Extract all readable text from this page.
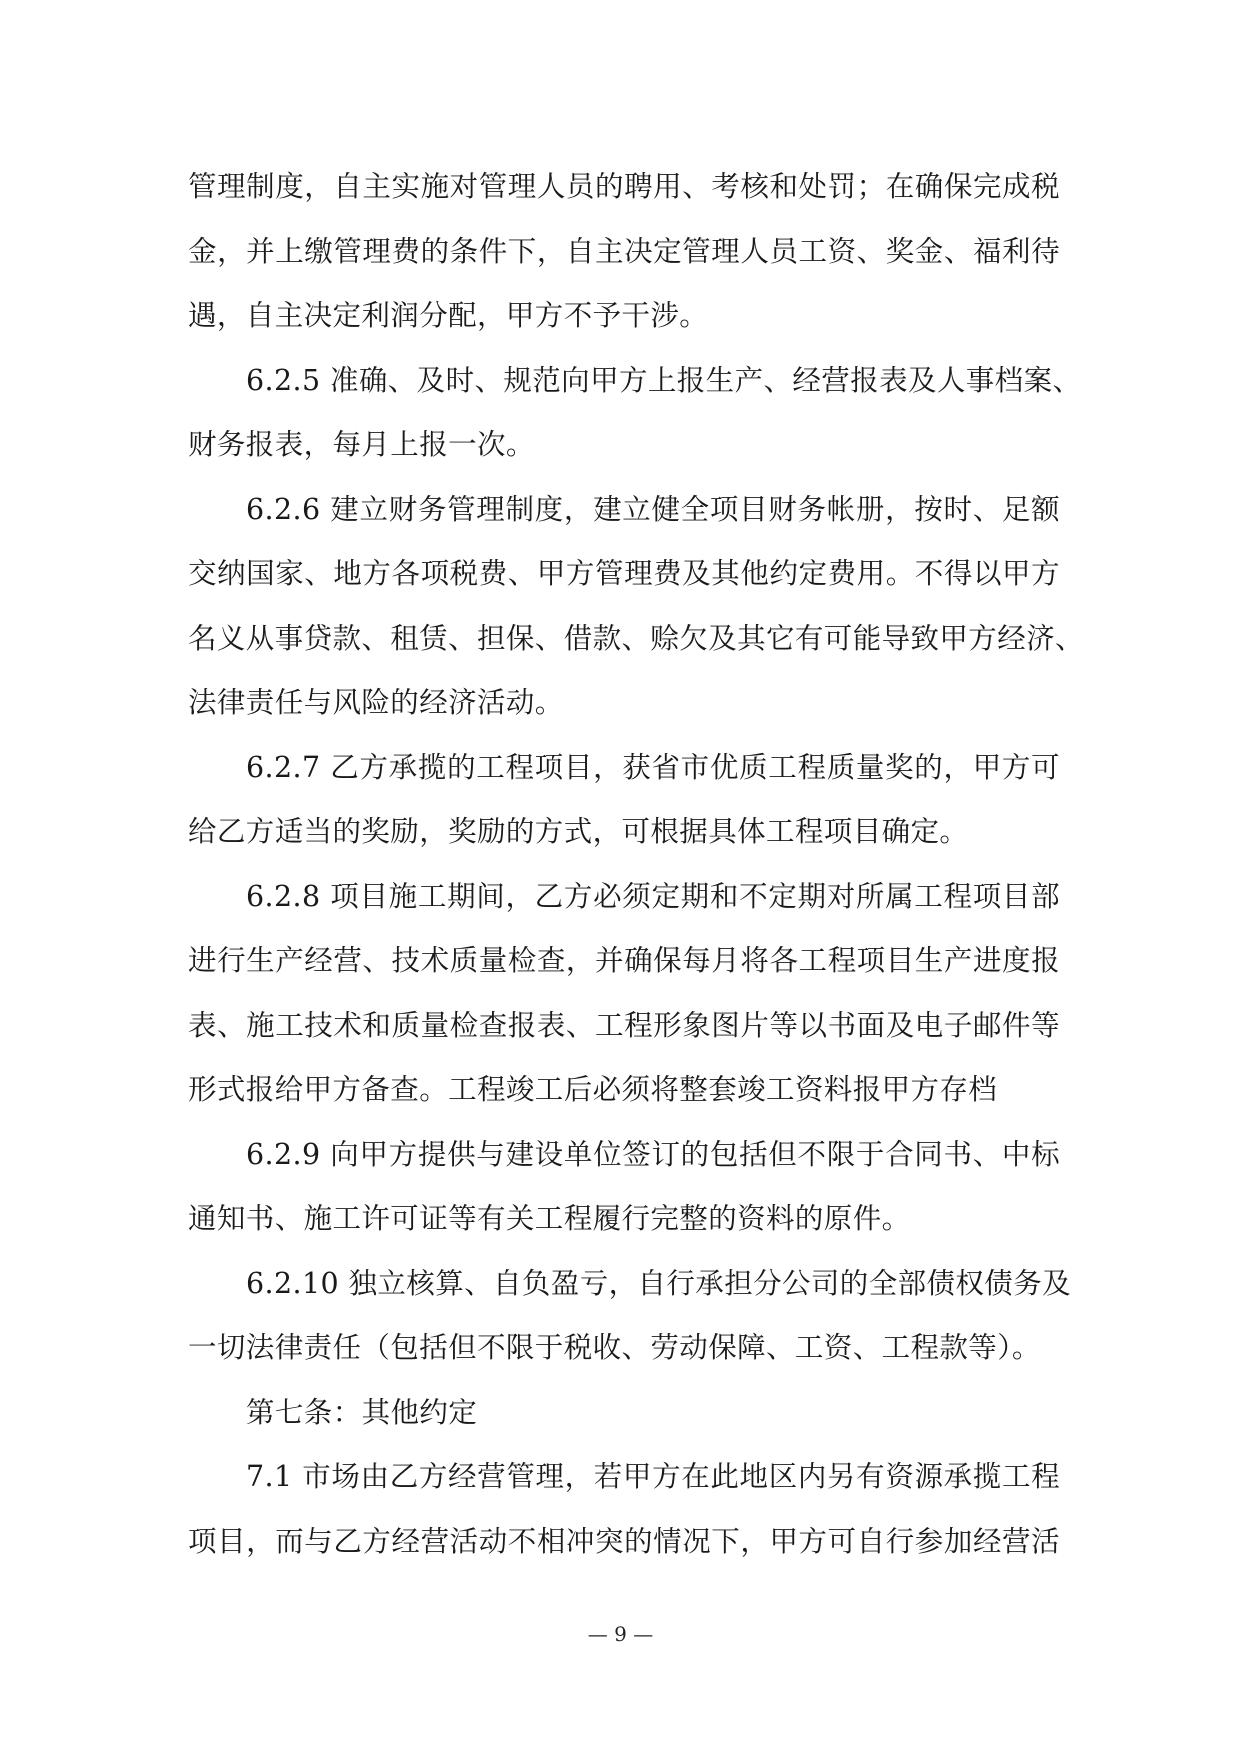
管理制度，自主实施对管理人员的聘用、考核和处罚；在确保完成税
金，并上缴管理费的条件下，自主决定管理人员工资、奖金、福利待
遇，自主决定利润分配，甲方不予干涉。
6.2.5 准确、及时、规范向甲方上报生产、经营报表及人事档案、
财务报表，每月上报一次。
6.2.6 建立财务管理制度，建立健全项目财务帐册，按时、足额
交纳国家、地方各项税费、甲方管理费及其他约定费用。不得以甲方
名义从事贷款、租赁、担保、借款、赊欠及其它有可能导致甲方经济、
法律责任与风险的经济活动。
6.2.7 乙方承揽的工程项目，获省市优质工程质量奖的，甲方可
给乙方适当的奖励，奖励的方式，可根据具体工程项目确定。
6.2.8 项目施工期间，乙方必须定期和不定期对所属工程项目部
进行生产经营、技术质量检查，并确保每月将各工程项目生产进度报
表、施工技术和质量检查报表、工程形象图片等以书面及电子邮件等
形式报给甲方备查。工程竣工后必须将整套竣工资料报甲方存档
6.2.9 向甲方提供与建设单位签订的包括但不限于合同书、中标
通知书、施工许可证等有关工程履行完整的资料的原件。
6.2.10 独立核算、自负盈亏，自行承担分公司的全部债权债务及
一切法律责任（包括但不限于税收、劳动保障、工资、工程款等）。
第七条：其他约定
7.1 市场由乙方经营管理，若甲方在此地区内另有资源承揽工程
项目，而与乙方经营活动不相冲突的情况下，甲方可自行参加经营活
— 9 —
